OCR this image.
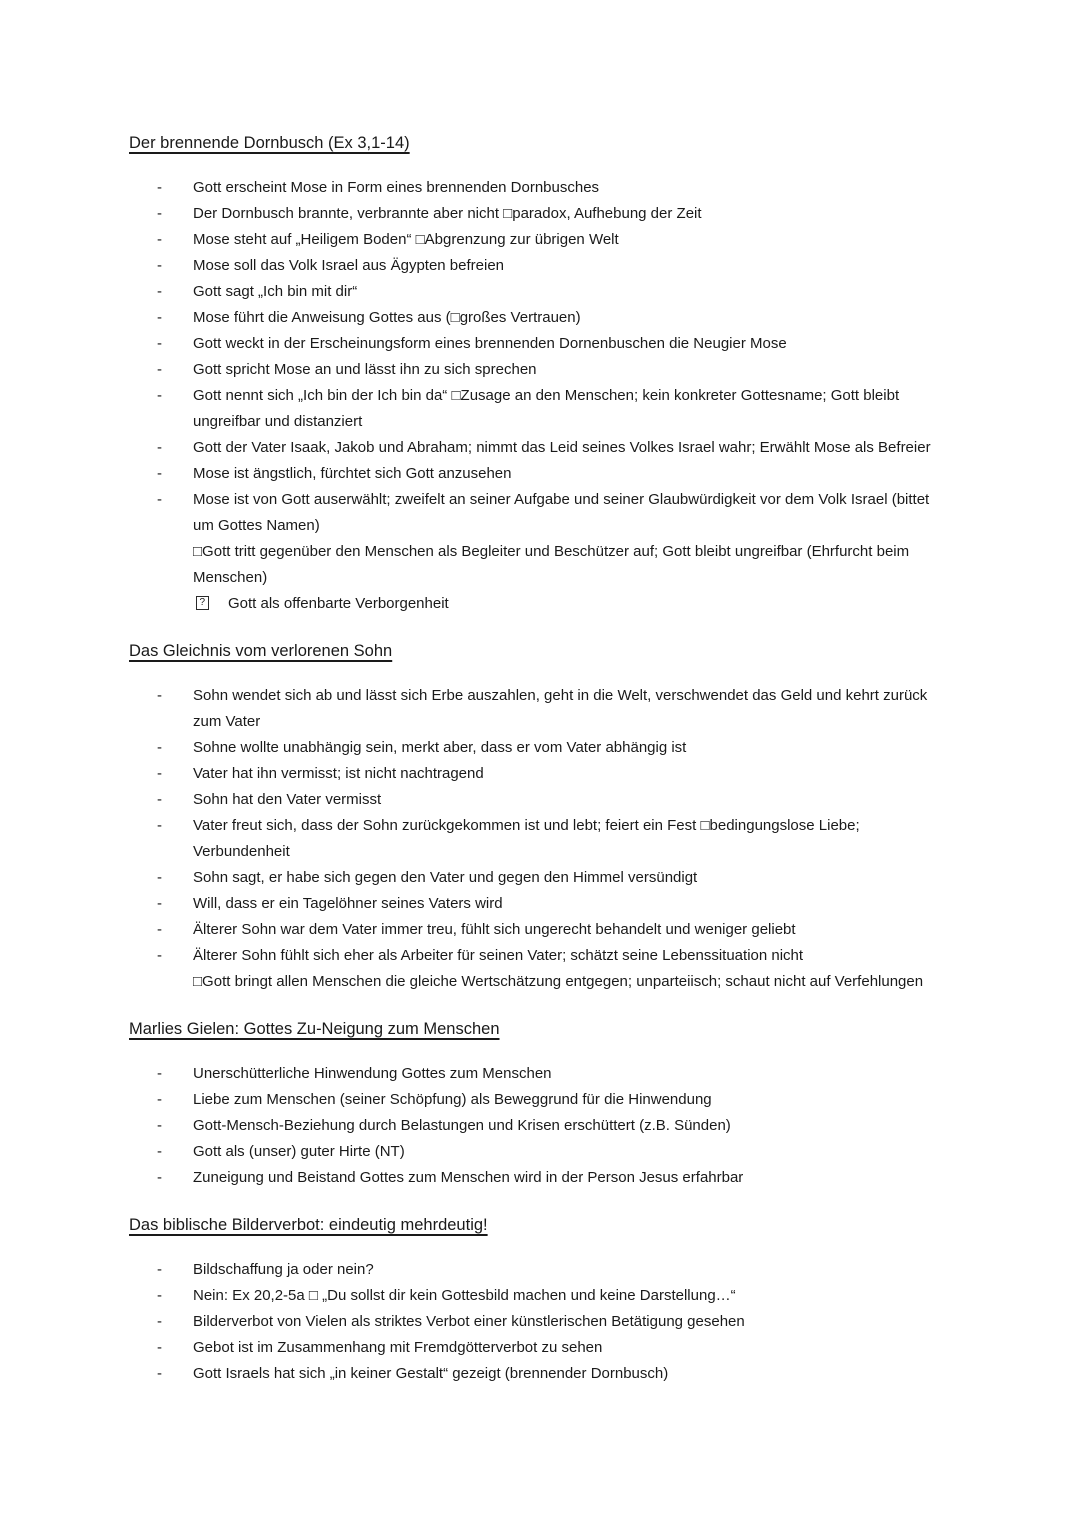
Der brennende Dornbusch (Ex 3,1-14)
- Gott erscheint Mose in Form eines brennenden Dornbusches
- Der Dornbusch brannte, verbrannte aber nicht □paradox, Aufhebung der Zeit
- Mose steht auf „Heiligem Boden“ □Abgrenzung zur übrigen Welt
- Mose soll das Volk Israel aus Ägypten befreien
- Gott sagt „Ich bin mit dir“
- Mose führt die Anweisung Gottes aus (□großes Vertrauen)
- Gott weckt in der Erscheinungsform eines brennenden Dornenbuschen die Neugier Mose
- Gott spricht Mose an und lässt ihn zu sich sprechen
- Gott nennt sich „Ich bin der Ich bin da“ □Zusage an den Menschen; kein konkreter Gottesname; Gott bleibt ungreifbar und distanziert
- Gott der Vater Isaak, Jakob und Abraham; nimmt das Leid seines Volkes Israel wahr; Erwählt Mose als Befreier
- Mose ist ängstlich, fürchtet sich Gott anzusehen
- Mose ist von Gott auserwählt; zweifelt an seiner Aufgabe und seiner Glaubwürdigkeit vor dem Volk Israel (bittet um Gottes Namen)
□Gott tritt gegenüber den Menschen als Begleiter und Beschützer auf; Gott bleibt ungreifbar (Ehrfurcht beim Menschen)
? Gott als offenbarte Verborgenheit
Das Gleichnis vom verlorenen Sohn
- Sohn wendet sich ab und lässt sich Erbe auszahlen, geht in die Welt, verschwendet das Geld und kehrt zurück zum Vater
- Sohne wollte unabhängig sein, merkt aber, dass er vom Vater abhängig ist
- Vater hat ihn vermisst; ist nicht nachtragend
- Sohn hat den Vater vermisst
- Vater freut sich, dass der Sohn zurückgekommen ist und lebt; feiert ein Fest □bedingungslose Liebe; Verbundenheit
- Sohn sagt, er habe sich gegen den Vater und gegen den Himmel versündigt
- Will, dass er ein Tagelöhner seines Vaters wird
- Älterer Sohn war dem Vater immer treu, fühlt sich ungerecht behandelt und weniger geliebt
- Älterer Sohn fühlt sich eher als Arbeiter für seinen Vater; schätzt seine Lebenssituation nicht
□Gott bringt allen Menschen die gleiche Wertschätzung entgegen; unparteiisch; schaut nicht auf Verfehlungen
Marlies Gielen: Gottes Zu-Neigung zum Menschen
- Unerschütterliche Hinwendung Gottes zum Menschen
- Liebe zum Menschen (seiner Schöpfung) als Beweggrund für die Hinwendung
- Gott-Mensch-Beziehung durch Belastungen und Krisen erschüttert (z.B. Sünden)
- Gott als (unser) guter Hirte (NT)
- Zuneigung und Beistand Gottes zum Menschen wird in der Person Jesus erfahrbar
Das biblische Bilderverbot: eindeutig mehrdeutig!
- Bildschaffung ja oder nein?
- Nein: Ex 20,2-5a □ „Du sollst dir kein Gottesbild machen und keine Darstellung…“
- Bilderverbot von Vielen als striktes Verbot einer künstlerischen Betätigung gesehen
- Gebot ist im Zusammenhang mit Fremdgötterverbot zu sehen
- Gott Israels hat sich „in keiner Gestalt“ gezeigt (brennender Dornbusch)
